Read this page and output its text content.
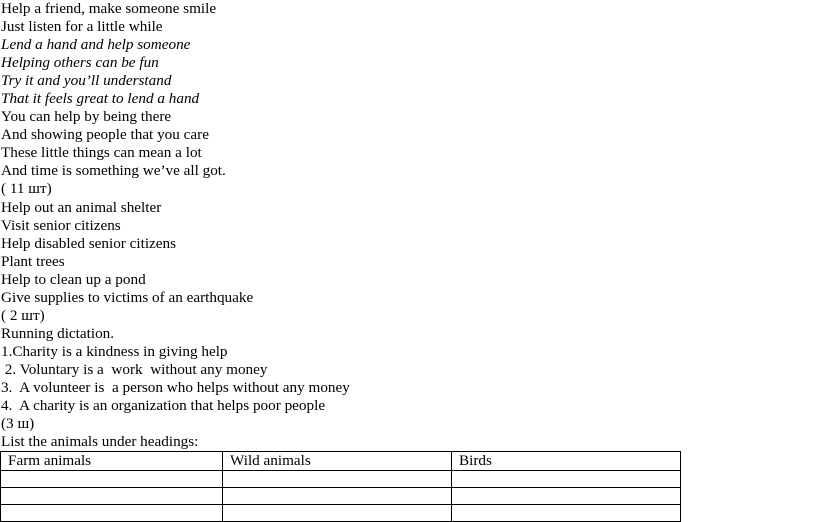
Help a friend, make someone smile
Just listen for a little while
Lend a hand and help someone
Helping others can be fun
Try it and you’ll understand
That it feels great to lend a hand
You can help by being there
And showing people that you care
These little things can mean a lot
And time is something we’ve all got.
( 11 шт)
Help out an animal shelter
Visit senior citizens
Help disabled senior citizens
Plant trees
Help to clean up a pond
Give supplies to victims of an earthquake
( 2 шт)
Running dictation.
1.Charity is a kindness in giving help
2. Voluntary is a  work  without any money
3.  A volunteer is  a person who helps without any money
4.  A charity is an organization that helps poor people
(3 ш)
List the animals under headings:
Farm animals	Wild animals	Birds
